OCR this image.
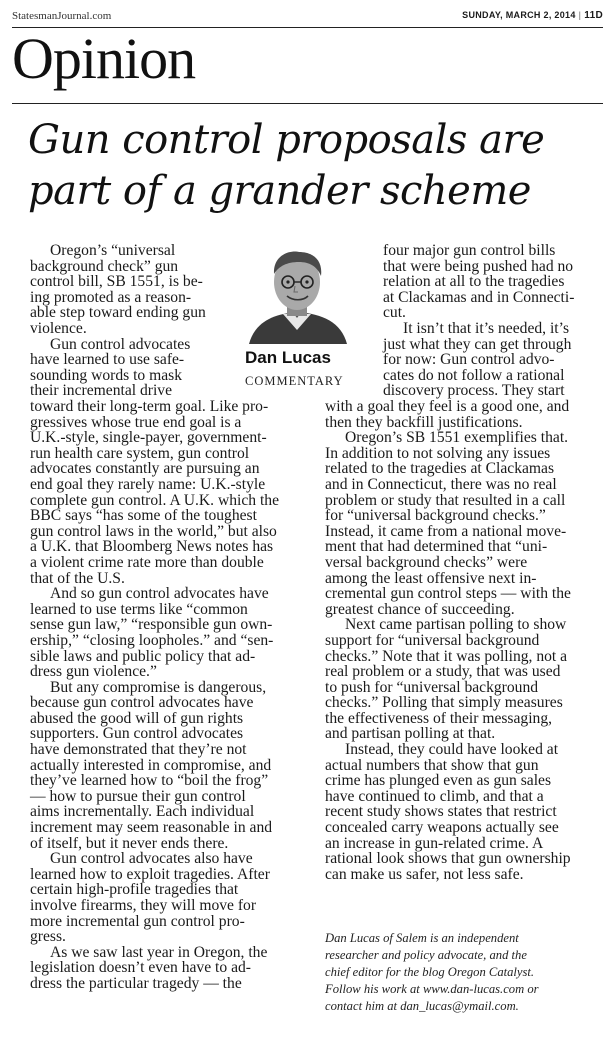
StatesmanJournal.com	SUNDAY, MARCH 2, 2014 | 11D
Opinion
Gun control proposals are
part of a grander scheme

Oregon’s “universal

background check” gun

control bill, SB 1551, is be-

ing promoted as a reason-

able step toward ending gun

violence.

Gun control advocates

have learned to use safe-

sounding words to mask

their incremental drive

toward their long-term goal. Like pro-

gressives whose true end goal is a

U.K.-style, single-payer, government-

run health care system, gun control

advocates constantly are pursuing an

end goal they rarely name: U.K.-style

complete gun control. A U.K. which the

BBC says “has some of the toughest

gun control laws in the world,” but also

a U.K. that Bloomberg News notes has

a violent crime rate more than double

that of the U.S.

And so gun control advocates have

learned to use terms like “common

sense gun law,” “responsible gun own-

ership,” “closing loopholes.” and “sen-

sible laws and public policy that ad-

dress gun violence.”

But any compromise is dangerous,

because gun control advocates have

abused the good will of gun rights

supporters. Gun control advocates

have demonstrated that they’re not

actually interested in compromise, and

they’ve learned how to “boil the frog”

— how to pursue their gun control

aims incrementally. Each individual

increment may seem reasonable in and

of itself, but it never ends there.

Gun control advocates also have

learned how to exploit tragedies. After

certain high-profile tragedies that

involve firearms, they will move for

more incremental gun control pro-

gress.

As we saw last year in Oregon, the

legislation doesn’t even have to ad-

dress the particular tragedy — the

four major gun control bills

that were being pushed had no

relation at all to the tragedies

at Clackamas and in Connecti-

cut.

It isn’t that it’s needed, it’s

just what they can get through

for now: Gun control advo-

cates do not follow a rational

discovery process. They start

with a goal they feel is a good one, and

then they backfill justifications.

Oregon’s SB 1551 exemplifies that.

In addition to not solving any issues

related to the tragedies at Clackamas

and in Connecticut, there was no real

problem or study that resulted in a call

for “universal background checks.”

Instead, it came from a national move-

ment that had determined that “uni-

versal background checks” were

among the least offensive next in-

cremental gun control steps — with the

greatest chance of succeeding.

Next came partisan polling to show

support for “universal background

checks.” Note that it was polling, not a

real problem or a study, that was used

to push for “universal background

checks.” Polling that simply measures

the effectiveness of their messaging,

and partisan polling at that.

Instead, they could have looked at

actual numbers that show that gun

crime has plunged even as gun sales

have continued to climb, and that a

recent study shows states that restrict

concealed carry weapons actually see

an increase in gun-related crime. A

rational look shows that gun ownership

can make us safer, not less safe.

Dan Lucas
COMMENTARY
Dan Lucas of Salem is an independent
researcher and policy advocate, and the
chief editor for the blog Oregon Catalyst.
Follow his work at www.dan-lucas.com or
contact him at dan_lucas@ymail.com.
